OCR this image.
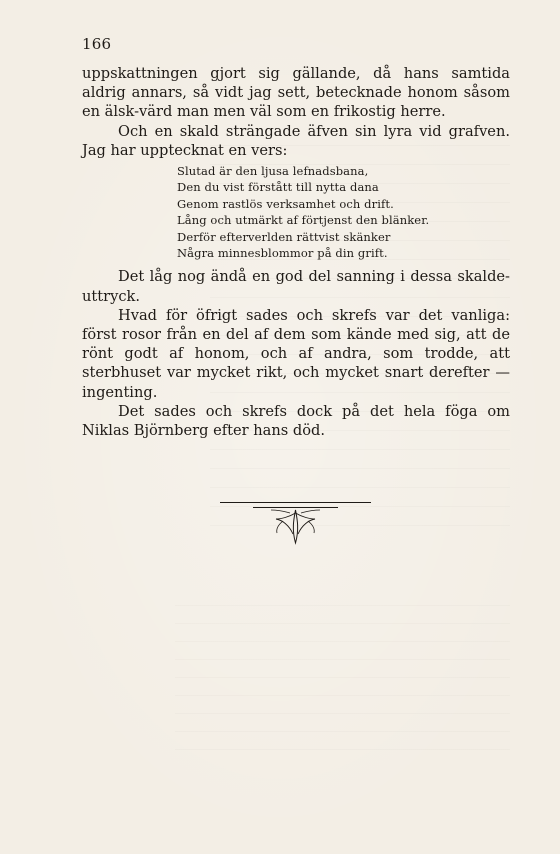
166

uppskattningen gjort sig gällande, då hans samtida aldrig annars, så vidt jag sett, betecknade honom såsom en älsk-värd man men väl som en frikostig herre.

Och en skald strängade äfven sin lyra vid grafven. Jag har upptecknat en vers:

Slutad är den ljusa lefnadsbana,
Den du vist förstått till nytta dana
Genom rastlös verksamhet och drift.
Lång och utmärkt af förtjenst den blänker.
Derför efterverlden rättvist skänker
Några minnesblommor på din grift.

Det låg nog ändå en god del sanning i dessa skalde-uttryck.

Hvad för öfrigt sades och skrefs var det vanliga: först rosor från en del af dem som kände med sig, att de rönt godt af honom, och af andra, som trodde, att sterbhuset var mycket rikt, och mycket snart derefter — ingenting.

Det sades och skrefs dock på det hela föga om Niklas Björnberg efter hans död.
